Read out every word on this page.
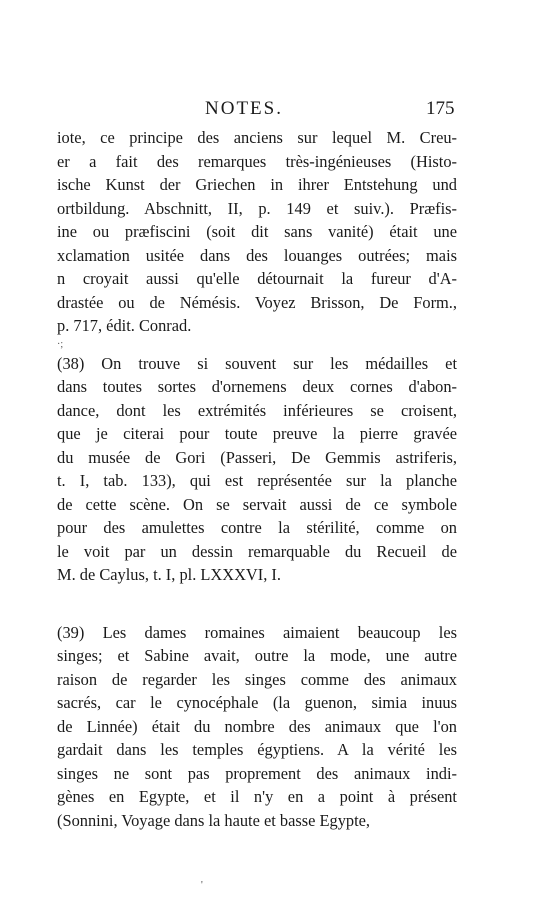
NOTES.	175
iote, ce principe des anciens sur lequel M. Creu-
er a fait des remarques très-ingénieuses (Histo-
ische Kunst der Griechen in ihrer Entstehung und
ortbildung. Abschnitt, II, p. 149 et suiv.). Præfis-
ine ou præfiscini (soit dit sans vanité) était une
xclamation usitée dans des louanges outrées; mais
n croyait aussi qu'elle détournait la fureur d'A-
drastée ou de Némésis. Voyez Brisson, De Form.,
p. 717, édit. Conrad.
·;
(38) On trouve si souvent sur les médailles et
dans toutes sortes d'ornemens deux cornes d'abon-
dance, dont les extrémités inférieures se croisent,
que je citerai pour toute preuve la pierre gravée
du musée de Gori (Passeri, De Gemmis astriferis,
t. I, tab. 133), qui est représentée sur la planche
de cette scène. On se servait aussi de ce symbole
pour des amulettes contre la stérilité, comme on
le voit par un dessin remarquable du Recueil de
M. de Caylus, t. I, pl. LXXXVI, I.
(39) Les dames romaines aimaient beaucoup les
singes; et Sabine avait, outre la mode, une autre
raison de regarder les singes comme des animaux
sacrés, car le cynocéphale (la guenon, simia inuus
de Linnée) était du nombre des animaux que l'on
gardait dans les temples égyptiens. A la vérité les
singes ne sont pas proprement des animaux indi-
gènes en Egypte, et il n'y en a point à présent
(Sonnini, Voyage dans la haute et basse Egypte,
'
